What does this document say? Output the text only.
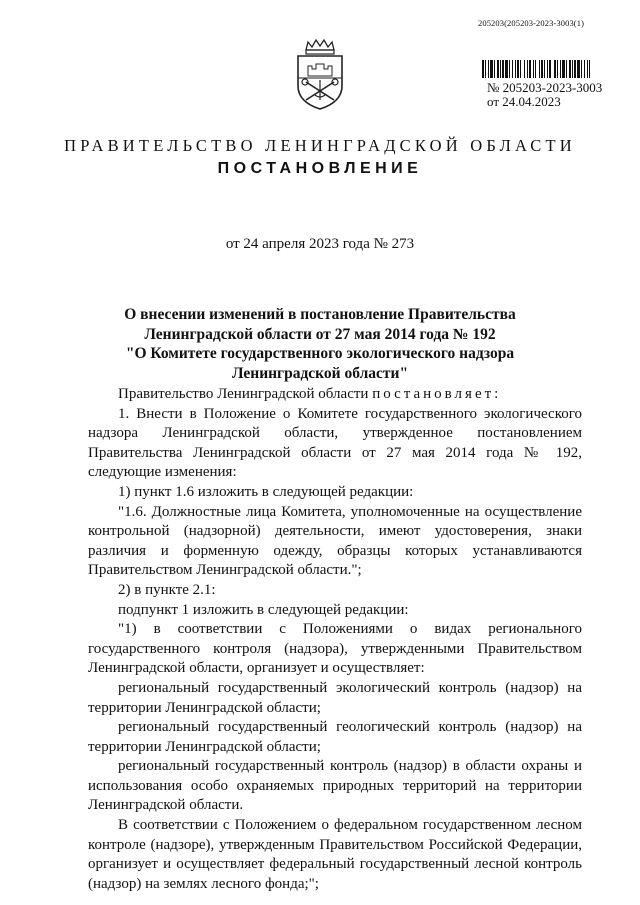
205203(205203-2023-3003(1)
№ 205203-2023-3003
от 24.04.2023
ПРАВИТЕЛЬСТВО ЛЕНИНГРАДСКОЙ ОБЛАСТИ
ПОСТАНОВЛЕНИЕ
от 24 апреля 2023 года № 273
О внесении изменений в постановление Правительства
Ленинградской области от 27 мая 2014 года № 192
"О Комитете государственного экологического надзора
Ленинградской области"

Правительство Ленинградской области постановляет:

1. Внести в Положение о Комитете государственного экологического надзора Ленинградской области, утвержденное постановлением Правительства Ленинградской области от 27 мая 2014 года № 192, следующие изменения:

1) пункт 1.6 изложить в следующей редакции:

"1.6. Должностные лица Комитета, уполномоченные на осуществление контрольной (надзорной) деятельности, имеют удостоверения, знаки различия и форменную одежду, образцы которых устанавливаются Правительством Ленинградской области.";

2) в пункте 2.1:

подпункт 1 изложить в следующей редакции:

"1) в соответствии с Положениями о видах регионального государственного контроля (надзора), утвержденными Правительством Ленинградской области, организует и осуществляет:

региональный государственный экологический контроль (надзор) на территории Ленинградской области;

региональный государственный геологический контроль (надзор) на территории Ленинградской области;

региональный государственный контроль (надзор) в области охраны и использования особо охраняемых природных территорий на территории Ленинградской области.

В соответствии с Положением о федеральном государственном лесном контроле (надзоре), утвержденным Правительством Российской Федерации, организует и осуществляет федеральный государственный лесной контроль (надзор) на землях лесного фонда;";
